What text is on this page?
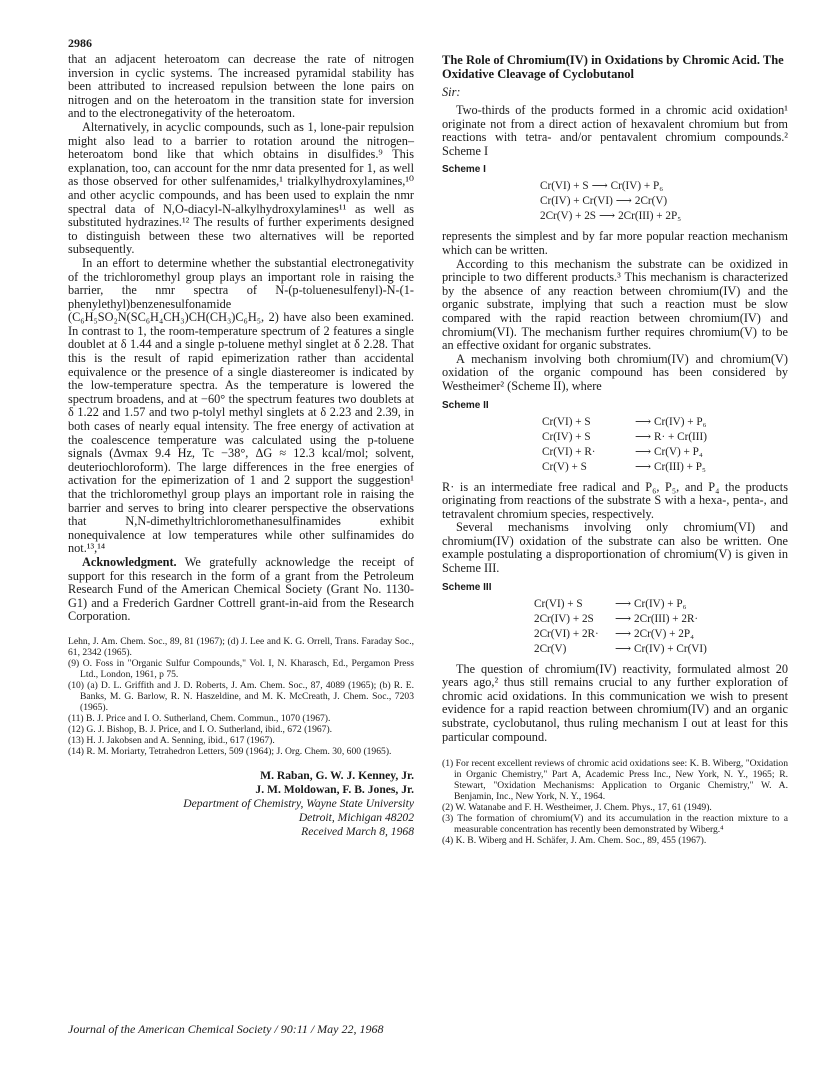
2986

that an adjacent heteroatom can decrease the rate of nitrogen inversion in cyclic systems. The increased pyramidal stability has been attributed to increased repulsion between the lone pairs on nitrogen and on the heteroatom in the transition state for inversion and to the electronegativity of the heteroatom.

Alternatively, in acyclic compounds, such as 1, lone-pair repulsion might also lead to a barrier to rotation around the nitrogen–heteroatom bond like that which obtains in disulfides.⁹ This explanation, too, can account for the nmr data presented for 1, as well as those observed for other sulfenamides,¹ trialkylhydroxylamines,¹⁰ and other acyclic compounds, and has been used to explain the nmr spectral data of N,O-diacyl-N-alkylhydroxylamines¹¹ as well as substituted hydrazines.¹² The results of further experiments designed to distinguish between these two alternatives will be reported subsequently.

In an effort to determine whether the substantial electronegativity of the trichloromethyl group plays an important role in raising the barrier, the nmr spectra of N-(p-toluenesulfenyl)-N-(1-phenylethyl)benzenesulfonamide (C₆H₅SO₂N(SC₆H₄CH₃)CH(CH₃)C₆H₅, 2) have also been examined. In contrast to 1, the room-temperature spectrum of 2 features a single doublet at δ 1.44 and a single p-toluene methyl singlet at δ 2.28. That this is the result of rapid epimerization rather than accidental equivalence or the presence of a single diastereomer is indicated by the low-temperature spectra. As the temperature is lowered the spectrum broadens, and at −60° the spectrum features two doublets at δ 1.22 and 1.57 and two p-tolyl methyl singlets at δ 2.23 and 2.39, in both cases of nearly equal intensity. The free energy of activation at the coalescence temperature was calculated using the p-toluene signals (Δνmax 9.4 Hz, Tc −38°, ΔG ≈ 12.3 kcal/mol; solvent, deuteriochloroform). The large differences in the free energies of activation for the epimerization of 1 and 2 support the suggestion¹ that the trichloromethyl group plays an important role in raising the barrier and serves to bring into clearer perspective the observations that N,N-dimethyltrichloromethanesulfinamides exhibit nonequivalence at low temperatures while other sulfinamides do not.¹³,¹⁴

Acknowledgment. We gratefully acknowledge the receipt of support for this research in the form of a grant from the Petroleum Research Fund of the American Chemical Society (Grant No. 1130-G1) and a Frederich Gardner Cottrell grant-in-aid from the Research Corporation.

Lehn, J. Am. Chem. Soc., 89, 81 (1967); (d) J. Lee and K. G. Orrell, Trans. Faraday Soc., 61, 2342 (1965).
(9) O. Foss in "Organic Sulfur Compounds," Vol. I, N. Kharasch, Ed., Pergamon Press Ltd., London, 1961, p 75.
(10) (a) D. L. Griffith and J. D. Roberts, J. Am. Chem. Soc., 87, 4089 (1965); (b) R. E. Banks, M. G. Barlow, R. N. Haszeldine, and M. K. McCreath, J. Chem. Soc., 7203 (1965).
(11) B. J. Price and I. O. Sutherland, Chem. Commun., 1070 (1967).
(12) G. J. Bishop, B. J. Price, and I. O. Sutherland, ibid., 672 (1967).
(13) H. J. Jakobsen and A. Senning, ibid., 617 (1967).
(14) R. M. Moriarty, Tetrahedron Letters, 509 (1964); J. Org. Chem. 30, 600 (1965).
M. Raban, G. W. J. Kenney, Jr.
J. M. Moldowan, F. B. Jones, Jr.
Department of Chemistry, Wayne State University
Detroit, Michigan 48202
Received March 8, 1968
The Role of Chromium(IV) in Oxidations by Chromic Acid. The Oxidative Cleavage of Cyclobutanol
Sir:

Two-thirds of the products formed in a chromic acid oxidation¹ originate not from a direct action of hexavalent chromium but from reactions with tetra- and/or pentavalent chromium compounds.² Scheme I

Scheme I
Cr(VI) + S ⟶ Cr(IV) + P₆
Cr(IV) + Cr(VI) ⟶ 2Cr(V)
2Cr(V) + 2S ⟶ 2Cr(III) + 2P₅

represents the simplest and by far more popular reaction mechanism which can be written.

According to this mechanism the substrate can be oxidized in principle to two different products.³ This mechanism is characterized by the absence of any reaction between chromium(IV) and the organic substrate, implying that such a reaction must be slow compared with the rapid reaction between chromium(IV) and chromium(VI). The mechanism further requires chromium(V) to be an effective oxidant for organic substrates.

A mechanism involving both chromium(IV) and chromium(V) oxidation of the organic compound has been considered by Westheimer² (Scheme II), where

Scheme II
Cr(VI) + S	⟶ Cr(IV) + P₆
Cr(IV) + S	⟶ R· + Cr(III)
Cr(VI) + R·	⟶ Cr(V) + P₄
Cr(V) + S	⟶ Cr(III) + P₅

R· is an intermediate free radical and P₆, P₅, and P₄ the products originating from reactions of the substrate S with a hexa-, penta-, and tetravalent chromium species, respectively.

Several mechanisms involving only chromium(VI) and chromium(IV) oxidation of the substrate can also be written. One example postulating a disproportionation of chromium(V) is given in Scheme III.

Scheme III
Cr(VI) + S	⟶ Cr(IV) + P₆
2Cr(IV) + 2S	⟶ 2Cr(III) + 2R·
2Cr(VI) + 2R·	⟶ 2Cr(V) + 2P₄
2Cr(V)	⟶ Cr(IV) + Cr(VI)

The question of chromium(IV) reactivity, formulated almost 20 years ago,² thus still remains crucial to any further exploration of chromic acid oxidations. In this communication we wish to present evidence for a rapid reaction between chromium(IV) and an organic substrate, cyclobutanol, thus ruling mechanism I out at least for this particular compound.

(1) For recent excellent reviews of chromic acid oxidations see: K. B. Wiberg, "Oxidation in Organic Chemistry," Part A, Academic Press Inc., New York, N. Y., 1965; R. Stewart, "Oxidation Mechanisms: Application to Organic Chemistry," W. A. Benjamin, Inc., New York, N. Y., 1964.
(2) W. Watanabe and F. H. Westheimer, J. Chem. Phys., 17, 61 (1949).
(3) The formation of chromium(V) and its accumulation in the reaction mixture to a measurable concentration has recently been demonstrated by Wiberg.⁴
(4) K. B. Wiberg and H. Schäfer, J. Am. Chem. Soc., 89, 455 (1967).
Journal of the American Chemical Society / 90:11 / May 22, 1968
